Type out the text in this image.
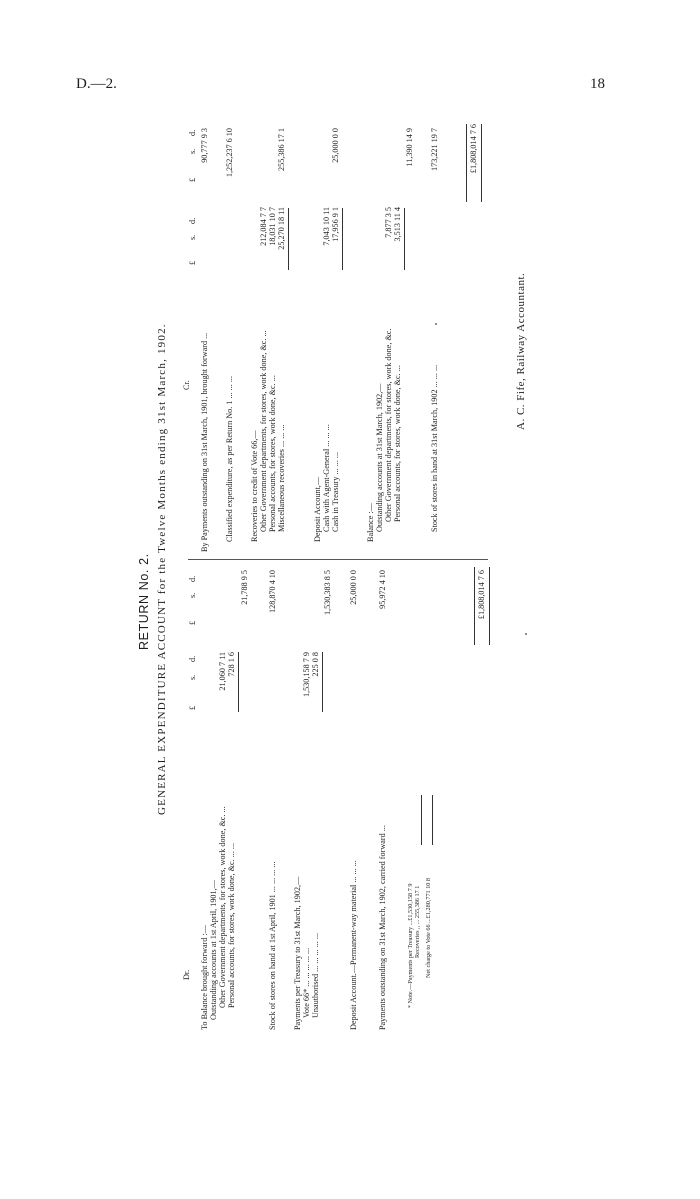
D.—2.	18
RETURN No. 2. GENERAL EXPENDITURE ACCOUNT for the Twelve Months ending 31st March, 1902.
Dr.
£
s.
d.
£
s.
d.
To Balance brought forward :— Outstanding accounts at 1st April, 1901,— Other Government departments, for stores, work done, &c. ...
21,060 7 11
Personal accounts, for stores, work done, &c. ... ...
728 1 6
21,788 9 5
Stock of stores on hand at 1st April, 1901 ... ... ... ...
128,870 4 10
Payments per Treasury to 31st March, 1902,— Vote 66* ... ... ... ... ...
1,530,158 7 9
Unauthorised ... ... ... ... ...
225 0 8
1,530,383 8 5
Deposit Account.—Permanent-way material ... ... ...
25,000 0 0
Payments outstanding on 31st March, 1902, carried forward ...
95,972 4 10
* Note.—Payments per Treasury ...£1,530,158 7 9 Recoveries ,, ... 255,386 17 1 Net charge to Vote 66 ...£1,280,771 10 8
£1,808,014 7 6
Cr.
£
s.
d.
£
s.
d.
By Payments outstanding on 31st March, 1901, brought forward ...
90,777 9 3
Classified expenditure, as per Return No. 1 ... ... ...
1,252,237 6 10
Recoveries to credit of Vote 66,— Other Government departments, for stores, work done, &c. ...
212,084 7 7
Personal accounts, for stores, work done, &c. ...
18,031 10 7
Miscellaneous recoveries ... ... ...
25,270 18 11
255,386 17 1
Deposit Account,— Cash with Agent-General ... ... ...
7,043 10 11
Cash in Treasury ... ... ...
17,956 9 1
25,000 0 0
Balance :— Outstanding accounts at 31st March, 1902,— Other Government departments, for stores, work done, &c.
7,877 3 5
Personal accounts, for stores, work done, &c. ...
3,513 11 4
11,390 14 9
Stock of stores in hand at 31st March, 1902 ... ... ...
173,221 19 7	£1,808,014 7 6
A. C. Fife, Railway Accountant.
